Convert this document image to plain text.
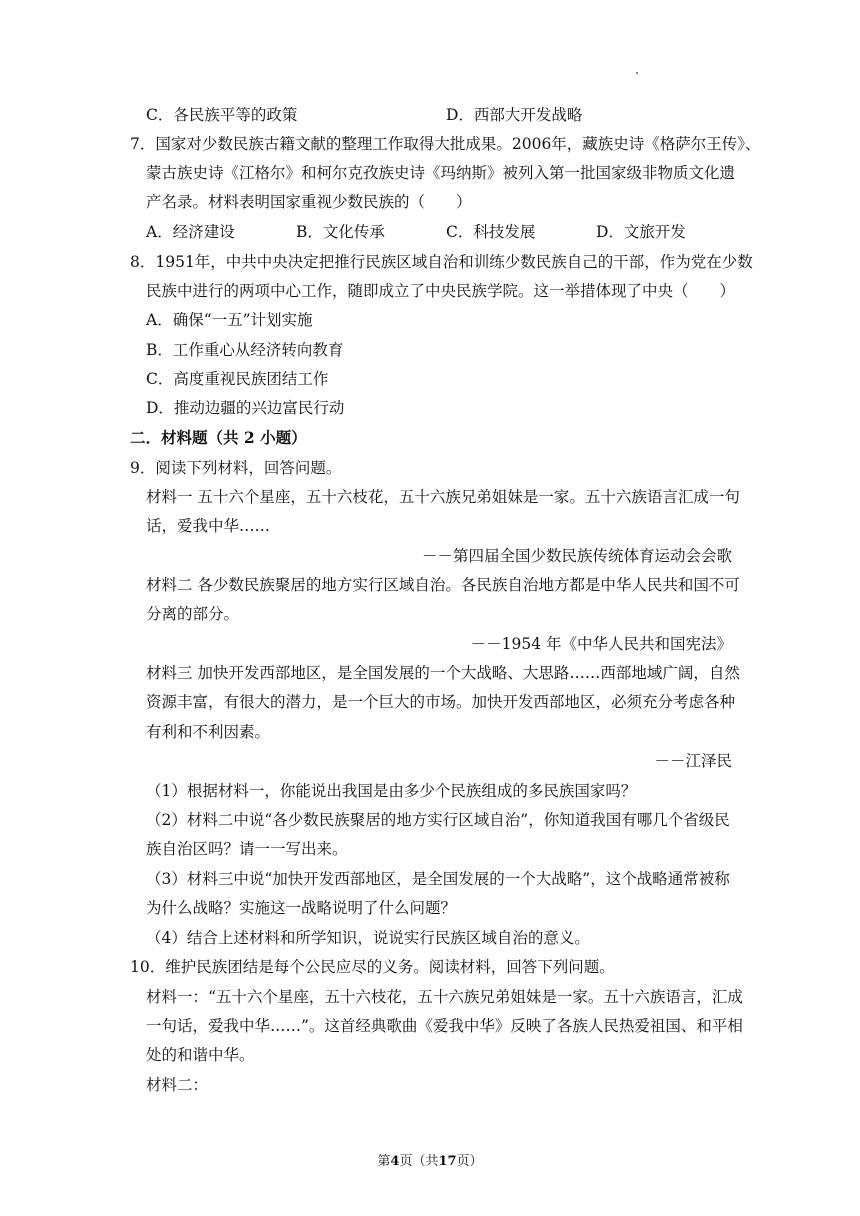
C．各民族平等的政策	D．西部大开发战略
7．国家对少数民族古籍文献的整理工作取得大批成果。2006年，藏族史诗《格萨尔王传》、
蒙古族史诗《江格尔》和柯尔克孜族史诗《玛纳斯》被列入第一批国家级非物质文化遗
产名录。材料表明国家重视少数民族的（　　）
A．经济建设	B．文化传承	C．科技发展	D．文旅开发
8．1951年，中共中央决定把推行民族区域自治和训练少数民族自己的干部，作为党在少数
民族中进行的两项中心工作，随即成立了中央民族学院。这一举措体现了中央（　　）
A．确保“一五”计划实施
B．工作重心从经济转向教育
C．高度重视民族团结工作
D．推动边疆的兴边富民行动
二．材料题（共 2 小题）
9．阅读下列材料，回答问题。
材料一 五十六个星座，五十六枝花，五十六族兄弟姐妹是一家。五十六族语言汇成一句
话，爱我中华……
－－第四届全国少数民族传统体育运动会会歌
材料二 各少数民族聚居的地方实行区域自治。各民族自治地方都是中华人民共和国不可
分离的部分。
－－1954 年《中华人民共和国宪法》
材料三 加快开发西部地区，是全国发展的一个大战略、大思路……西部地域广阔，自然
资源丰富，有很大的潜力，是一个巨大的市场。加快开发西部地区，必须充分考虑各种
有利和不利因素。
－－江泽民
（1）根据材料一，你能说出我国是由多少个民族组成的多民族国家吗？
（2）材料二中说“各少数民族聚居的地方实行区域自治”，你知道我国有哪几个省级民
族自治区吗？请一一写出来。
（3）材料三中说“加快开发西部地区，是全国发展的一个大战略”，这个战略通常被称
为什么战略？实施这一战略说明了什么问题？
（4）结合上述材料和所学知识，说说实行民族区域自治的意义。
10．维护民族团结是每个公民应尽的义务。阅读材料，回答下列问题。
材料一：“五十六个星座，五十六枝花，五十六族兄弟姐妹是一家。五十六族语言，汇成
一句话，爱我中华……”。这首经典歌曲《爱我中华》反映了各族人民热爱祖国、和平相
处的和谐中华。
材料二：
第4页（共17页）
